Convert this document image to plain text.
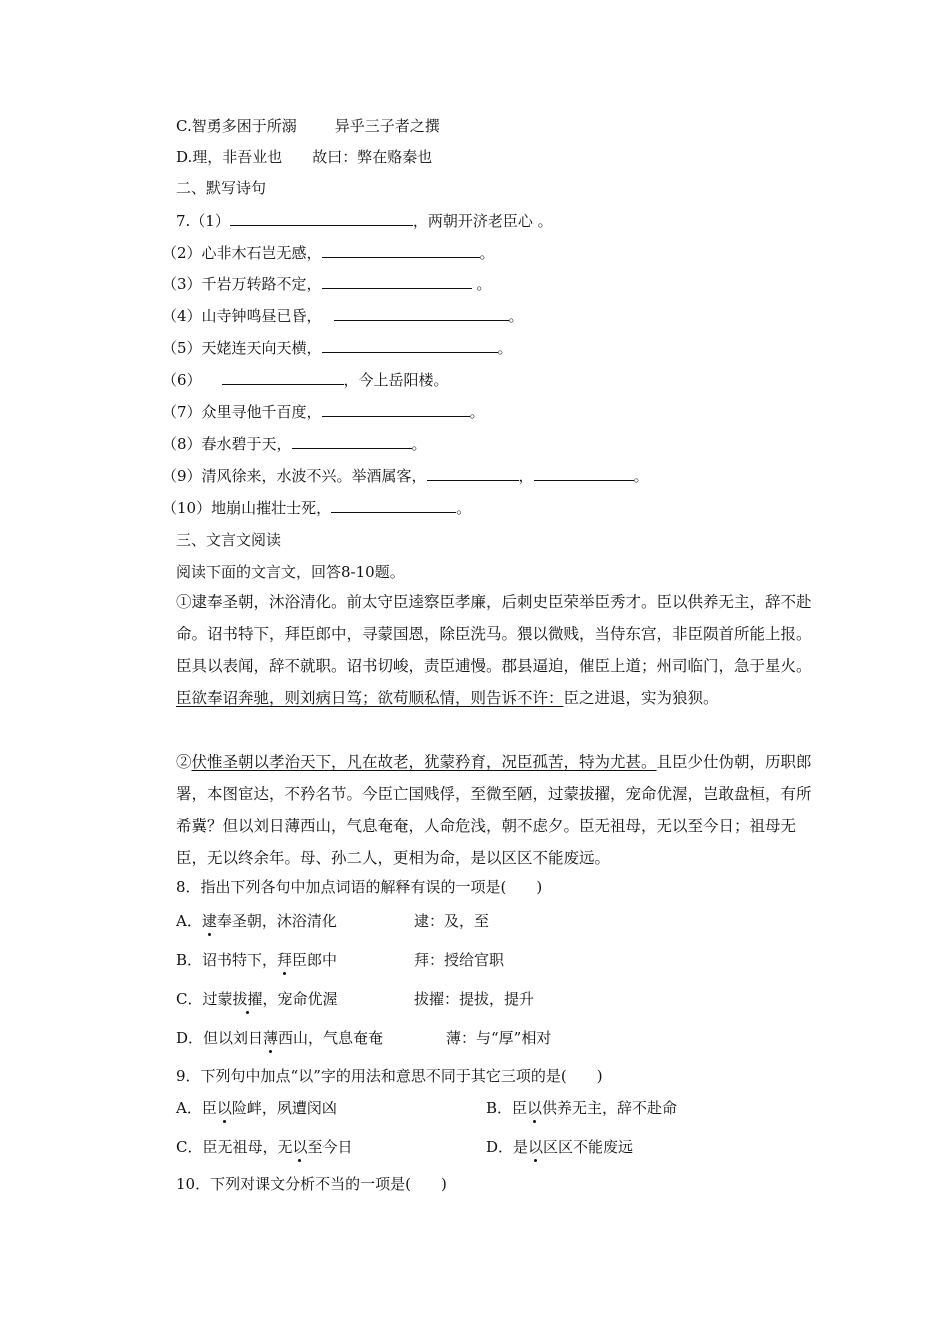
C.智勇多困于所溺	异乎三子者之撰
D.理，非吾业也 故曰：弊在赂秦也
二、默写诗句
7.（1）	，两朝开济老臣心 。
（2）心非木石岂无感，	。
（3）千岩万转路不定，	。
（4）山寺钟鸣昼已昏，	。
（5）天姥连天向天横，	。
（6）	，今上岳阳楼。
（7）众里寻他千百度，	。
（8）春水碧于天，	。
（9）清风徐来，水波不兴。举酒属客，	，	。
（10）地崩山摧壮士死，	。
三、文言文阅读
阅读下面的文言文，回答8-10题。
①逮奉圣朝，沐浴清化。前太守臣逵察臣孝廉，后刺史臣荣举臣秀才。臣以供养无主，辞不赴命。诏书特下，拜臣郎中，寻蒙国恩，除臣洗马。猥以微贱，当侍东宫，非臣陨首所能上报。臣具以表闻，辞不就职。诏书切峻，责臣逋慢。郡县逼迫，催臣上道；州司临门，急于星火。臣欲奉诏奔驰，则刘病日笃；欲苟顺私情，则告诉不许：臣之进退，实为狼狈。
②伏惟圣朝以孝治天下，凡在故老，犹蒙矜育，况臣孤苦，特为尤甚。且臣少仕伪朝，历职郎署，本图宦达，不矜名节。今臣亡国贱俘，至微至陋，过蒙拔擢，宠命优渥，岂敢盘桓，有所希冀？但以刘日薄西山，气息奄奄，人命危浅，朝不虑夕。臣无祖母，无以至今日；祖母无臣，无以终余年。母、孙二人，更相为命，是以区区不能废远。
8．指出下列各句中加点词语的解释有误的一项是(　　)
A．逮奉圣朝，沐浴清化	逮：及，至
B．诏书特下，拜臣郎中	拜：授给官职
C．过蒙拔擢，宠命优渥	拔擢：提拔，提升
D．但以刘日薄西山，气息奄奄	薄：与“厚”相对
9．下列句中加点“以”字的用法和意思不同于其它三项的是(　　)
A．臣以险衅，夙遭闵凶	B．臣以供养无主，辞不赴命
C．臣无祖母，无以至今日	D．是以区区不能废远
10．下列对课文分析不当的一项是(　　)
